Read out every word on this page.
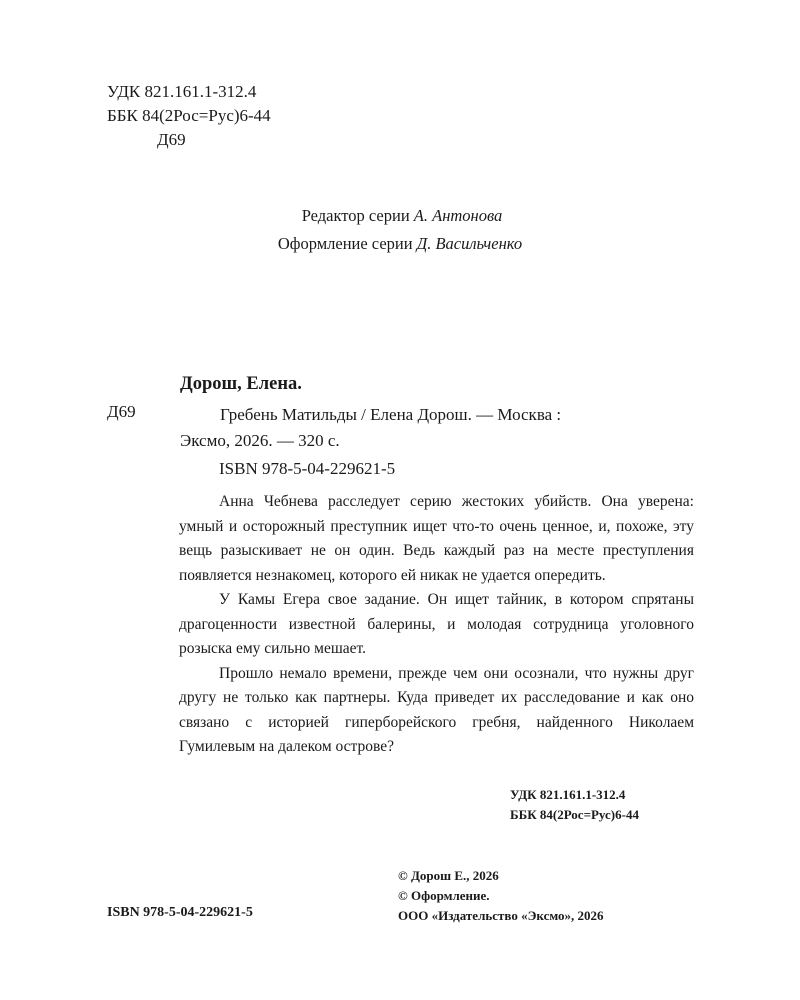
УДК 821.161.1-312.4
ББК 84(2Рос=Рус)6-44
Д69
Редактор серии А. Антонова
Оформление серии Д. Васильченко
Дорош, Елена.
Д69	Гребень Матильды / Елена Дорош. — Москва :
Эксмо, 2026. — 320 с.
ISBN 978-5-04-229621-5

Анна Чебнева расследует серию жестоких убийств. Она уверена: умный и осторожный преступник ищет что-то очень ценное, и, похоже, эту вещь разыскивает не он один. Ведь каждый раз на месте преступления появляется незнакомец, которого ей никак не удается опередить.

У Камы Егера свое задание. Он ищет тайник, в котором спрятаны драгоценности известной балерины, и молодая сотрудница уголовного розыска ему сильно мешает.

Прошло немало времени, прежде чем они осознали, что нужны друг другу не только как партнеры. Куда приведет их расследование и как оно связано с историей гиперборейского гребня, найденного Николаем Гумилевым на далеком острове?

УДК 821.161.1-312.4
ББК 84(2Рос=Рус)6-44
© Дорош Е., 2026
© Оформление.
ООО «Издательство «Эксмо», 2026
ISBN 978-5-04-229621-5
